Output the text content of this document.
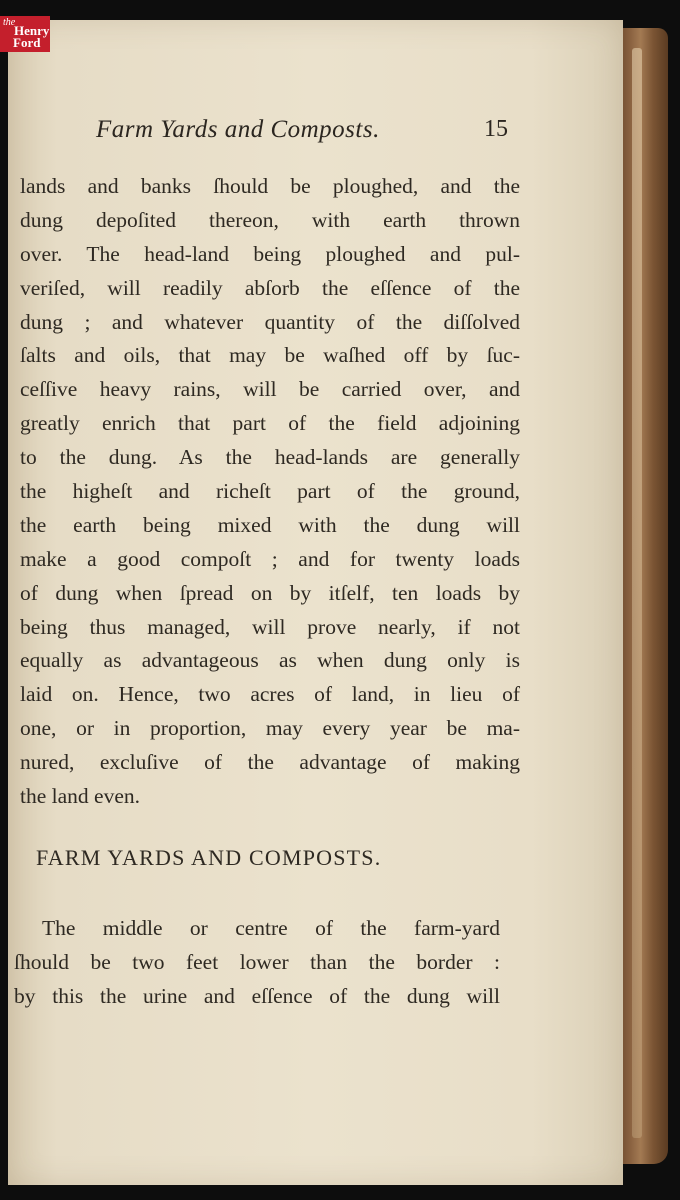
the
Henry
Ford
Farm Yards and Composts.	15
lands and banks ſhould be ploughed, and the
dung depoſited thereon, with earth thrown
over. The head-land being ploughed and pul-
veriſed, will readily abſorb the eſſence of the
dung ; and whatever quantity of the diſſolved
ſalts and oils, that may be waſhed off by ſuc-
ceſſive heavy rains, will be carried over, and
greatly enrich that part of the field adjoining
to the dung. As the head-lands are generally
the higheſt and richeſt part of the ground,
the earth being mixed with the dung will
make a good compoſt ; and for twenty loads
of dung when ſpread on by itſelf, ten loads by
being thus managed, will prove nearly, if not
equally as advantageous as when dung only is
laid on. Hence, two acres of land, in lieu of
one, or in proportion, may every year be ma-
nured, excluſive of the advantage of making
the land even.
FARM YARDS AND COMPOSTS.
The middle or centre of the farm-yard
ſhould be two feet lower than the border :
by this the urine and eſſence of the dung will
